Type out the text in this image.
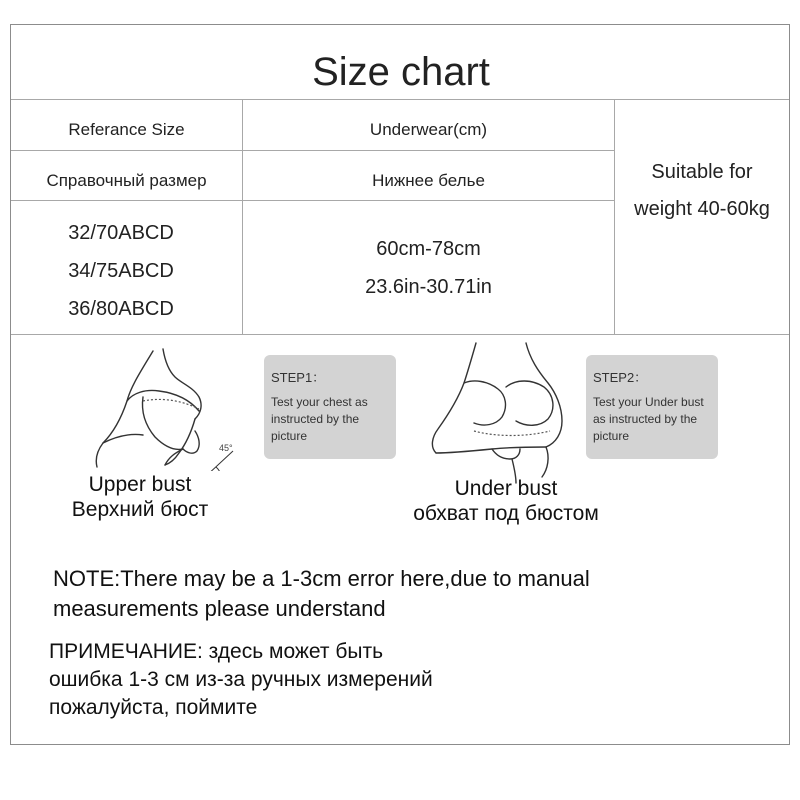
Size chart
Referance Size
Справочный размер
Underwear(cm)
Нижнее белье
32/70ABCD
34/75ABCD
36/80ABCD
60cm-78cm
23.6in-30.71in
Suitable for
weight 40-60kg
45°
STEP1：
Test your chest as instructed by the picture
STEP2：
Test your Under bust as instructed by the picture
Upper bust
Верхний бюст
Under bust
обхват под бюстом
NOTE:There may be a 1-3cm error here,due to manual
measurements please understand
ПРИМЕЧАНИЕ: здесь может быть
ошибка 1-3 см из-за ручных измерений
пожалуйста, поймите
